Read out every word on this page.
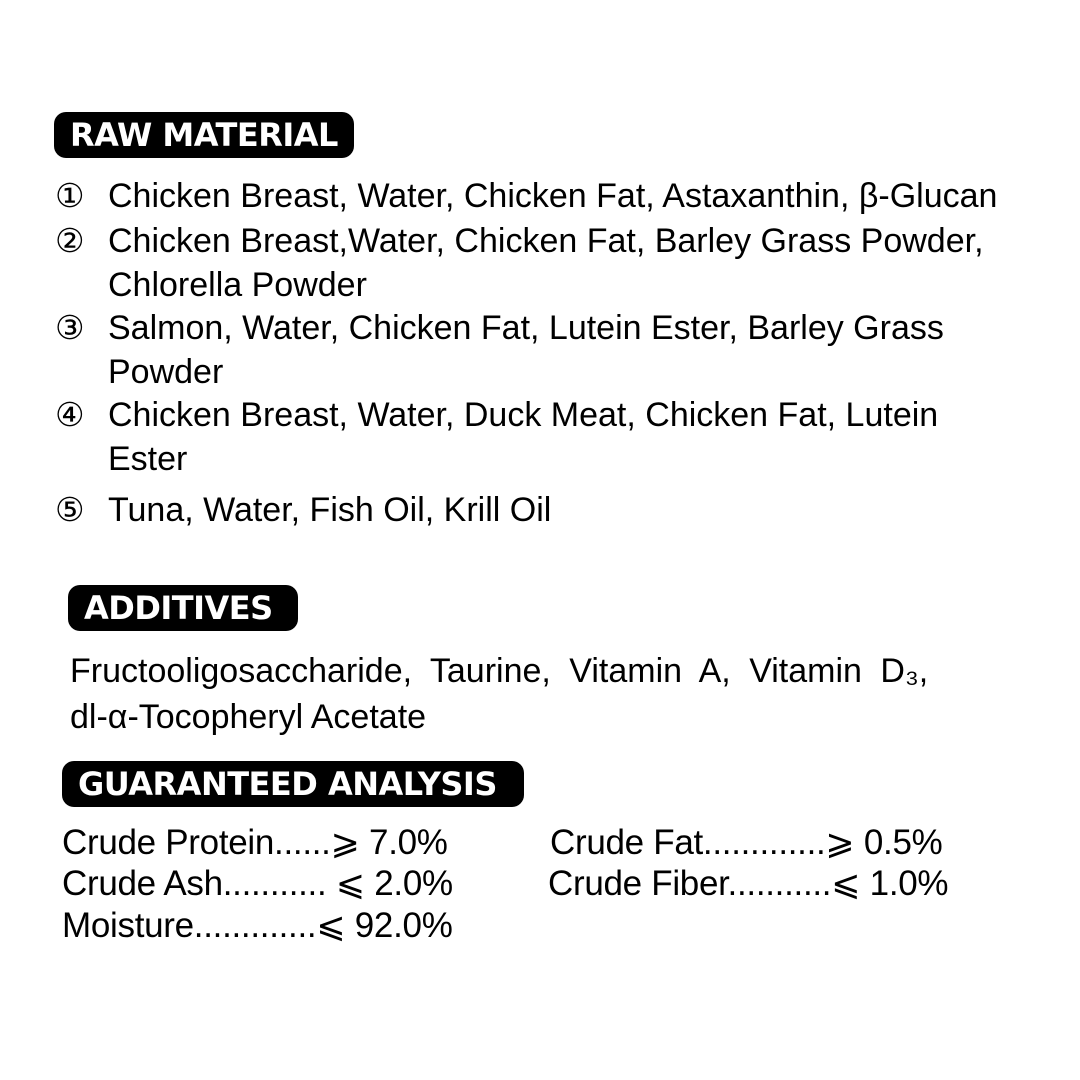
RAW MATERIAL
① Chicken Breast, Water, Chicken Fat, Astaxanthin, β-Glucan
② Chicken Breast,Water, Chicken Fat, Barley Grass Powder,
Chlorella Powder
③ Salmon, Water, Chicken Fat, Lutein Ester, Barley Grass
Powder
④ Chicken Breast, Water, Duck Meat, Chicken Fat, Lutein
Ester
⑤ Tuna, Water, Fish Oil, Krill Oil
ADDITIVES
Fructooligosaccharide, Taurine, Vitamin A, Vitamin D₃,
dl-α-Tocopheryl Acetate
GUARANTEED ANALYSIS
Crude Protein......⩾ 7.0%	Crude Fat.............⩾ 0.5%
Crude Ash........... ⩽ 2.0%	Crude Fiber...........⩽ 1.0%
Moisture.............⩽ 92.0%
